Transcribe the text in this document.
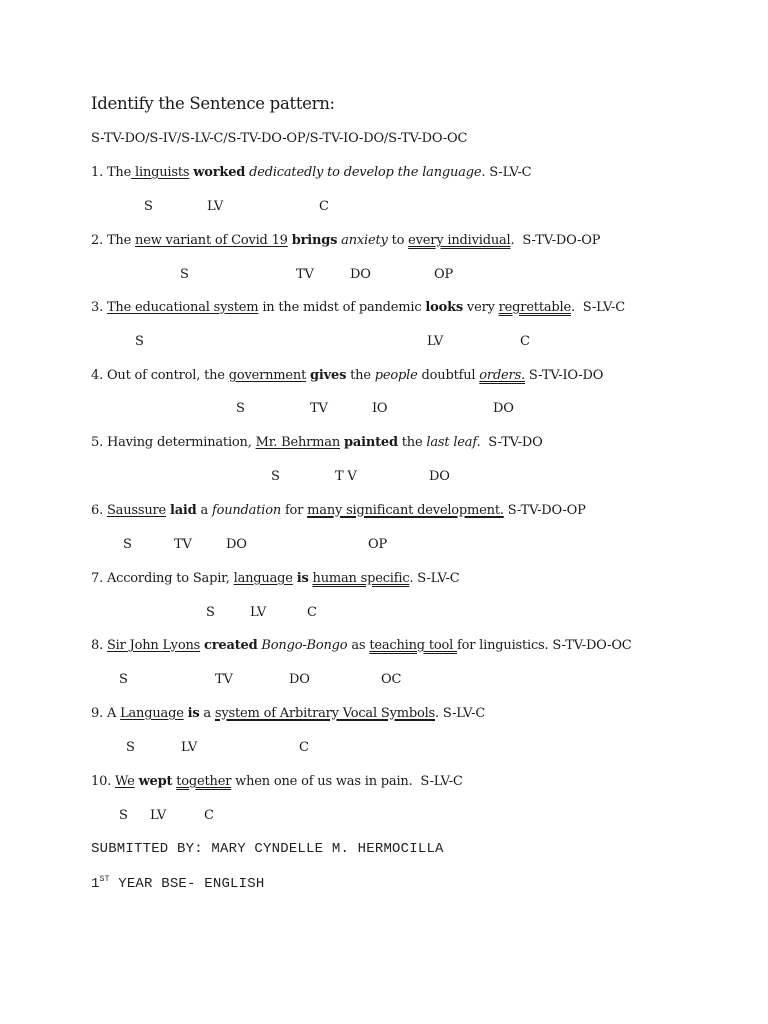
Identify the Sentence pattern:
S-TV-DO/S-IV/S-LV-C/S-TV-DO-OP/S-TV-IO-DO/S-TV-DO-OC
1. The linguists worked dedicatedly to develop the language. S-LV-C
S	LV	C
2. The new variant of Covid 19 brings anxiety to every individual.  S-TV-DO-OP
S	TV	DO	OP
3. The educational system in the midst of pandemic looks very regrettable.  S-LV-C
S	LV	C
4. Out of control, the government gives the people doubtful orders. S-TV-IO-DO
S	TV	IO	DO
5. Having determination, Mr. Behrman painted the last leaf.  S-TV-DO
S	T V	DO
6. Saussure laid a foundation for many significant development. S-TV-DO-OP
S	TV	DO	OP
7. According to Sapir, language is human specific. S-LV-C
S	LV	C
8. Sir John Lyons created Bongo-Bongo as teaching tool for linguistics. S-TV-DO-OC
S	TV	DO	OC
9. A Language is a system of Arbitrary Vocal Symbols. S-LV-C
S	LV	C
10. We wept together when one of us was in pain.  S-LV-C
S LV	C
SUBMITTED BY: MARY CYNDELLE M. HERMOCILLA
1ST YEAR BSE- ENGLISH
